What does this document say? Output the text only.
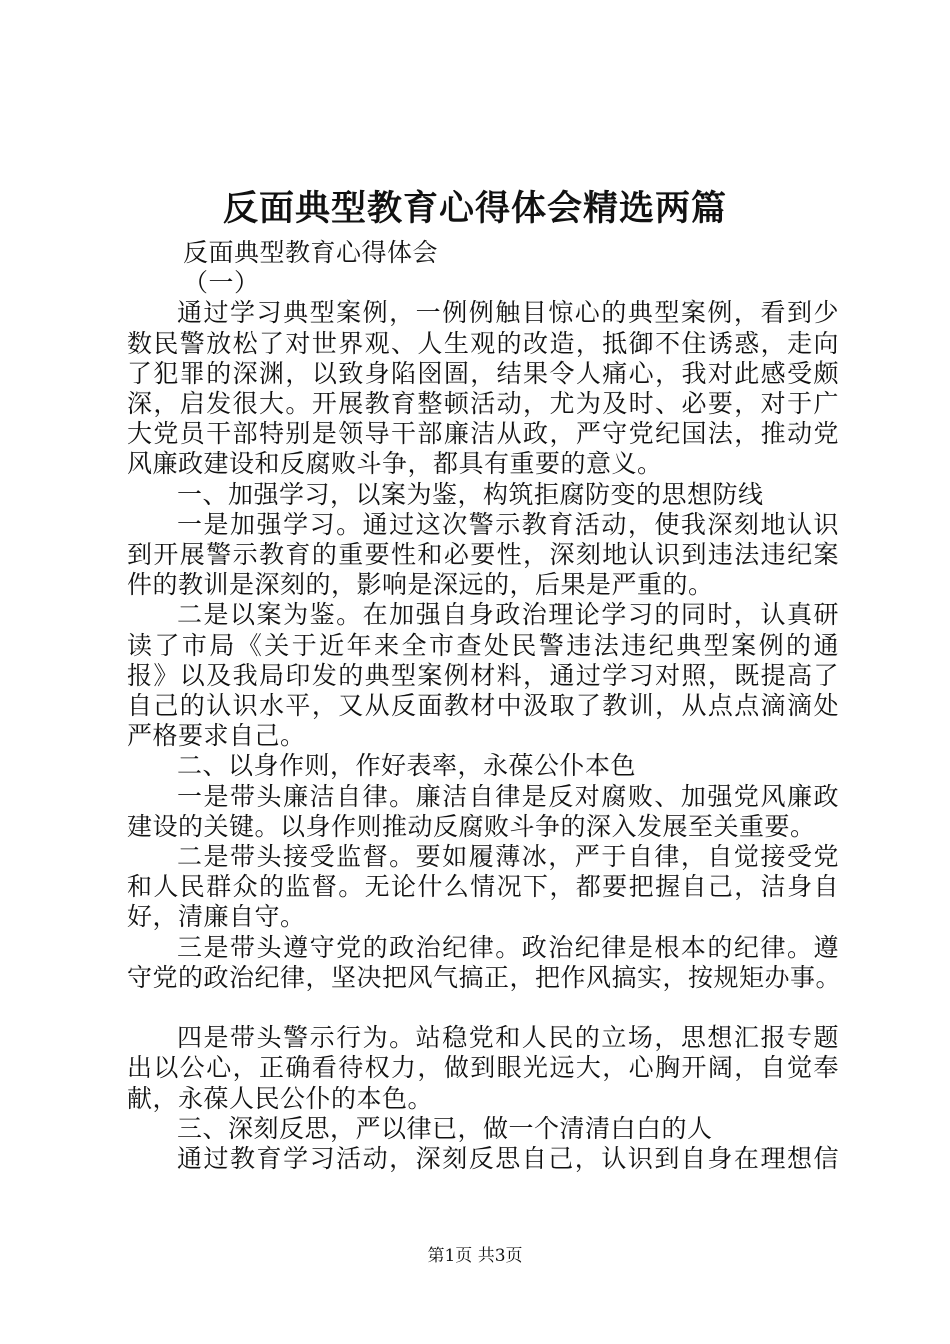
反面典型教育心得体会精选两篇

反面典型教育心得体会

（一）

通过学习典型案例，一例例触目惊心的典型案例，看到少

数民警放松了对世界观、人生观的改造，抵御不住诱惑，走向

了犯罪的深渊，以致身陷囹圄，结果令人痛心，我对此感受颇

深，启发很大。开展教育整顿活动，尤为及时、必要，对于广

大党员干部特别是领导干部廉洁从政，严守党纪国法，推动党

风廉政建设和反腐败斗争，都具有重要的意义。

一、加强学习，以案为鉴，构筑拒腐防变的思想防线

一是加强学习。通过这次警示教育活动，使我深刻地认识

到开展警示教育的重要性和必要性，深刻地认识到违法违纪案

件的教训是深刻的，影响是深远的，后果是严重的。

二是以案为鉴。在加强自身政治理论学习的同时，认真研

读了市局《关于近年来全市查处民警违法违纪典型案例的通

报》以及我局印发的典型案例材料，通过学习对照，既提高了

自己的认识水平，又从反面教材中汲取了教训，从点点滴滴处

严格要求自己。

二、以身作则，作好表率，永葆公仆本色

一是带头廉洁自律。廉洁自律是反对腐败、加强党风廉政

建设的关键。以身作则推动反腐败斗争的深入发展至关重要。

二是带头接受监督。要如履薄冰，严于自律，自觉接受党

和人民群众的监督。无论什么情况下，都要把握自己，洁身自

好，清廉自守。

三是带头遵守党的政治纪律。政治纪律是根本的纪律。遵

守党的政治纪律，坚决把风气搞正，把作风搞实，按规矩办事。

四是带头警示行为。站稳党和人民的立场，思想汇报专题

出以公心，正确看待权力，做到眼光远大，心胸开阔，自觉奉

献，永葆人民公仆的本色。

三、深刻反思，严以律已，做一个清清白白的人

通过教育学习活动，深刻反思自己，认识到自身在理想信

第1页 共3页
